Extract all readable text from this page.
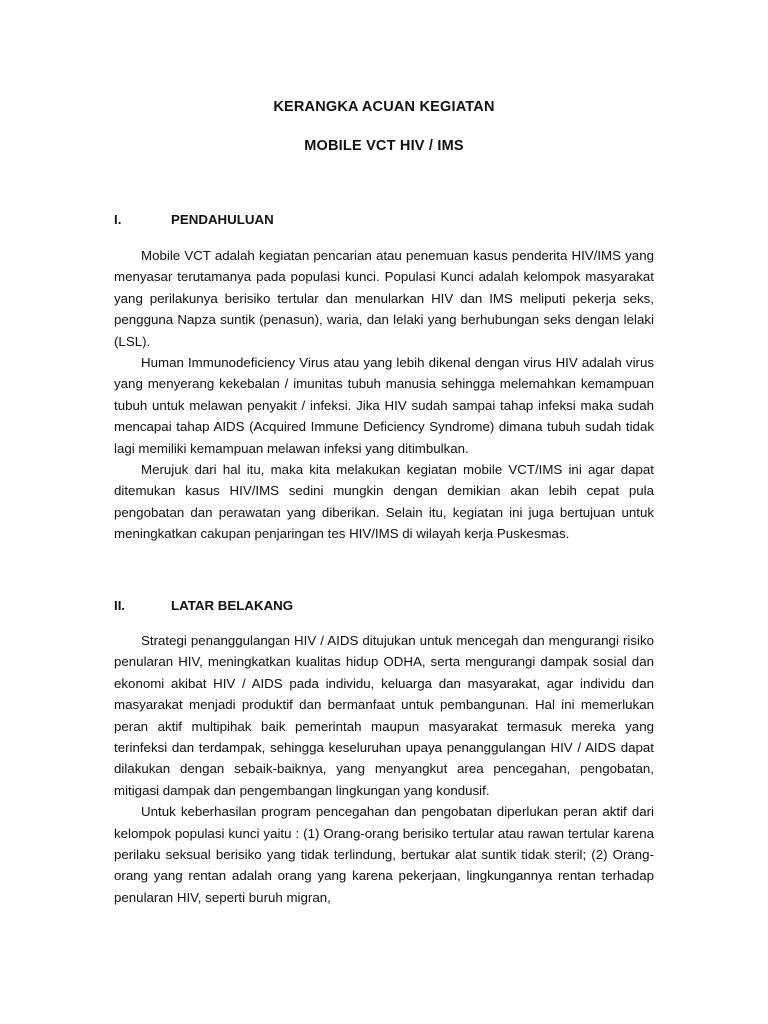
KERANGKA ACUAN KEGIATAN
MOBILE VCT HIV / IMS
I.	PENDAHULUAN

Mobile VCT adalah kegiatan pencarian atau penemuan kasus penderita HIV/IMS yang menyasar terutamanya pada populasi kunci. Populasi Kunci adalah kelompok masyarakat yang perilakunya berisiko tertular dan menularkan HIV dan IMS meliputi pekerja seks, pengguna Napza suntik (penasun), waria, dan lelaki yang berhubungan seks dengan lelaki (LSL).

Human Immunodeficiency Virus atau yang lebih dikenal dengan virus HIV adalah virus yang menyerang kekebalan / imunitas tubuh manusia sehingga melemahkan kemampuan tubuh untuk melawan penyakit / infeksi. Jika HIV sudah sampai tahap infeksi maka sudah mencapai tahap AIDS (Acquired Immune Deficiency Syndrome) dimana tubuh sudah tidak lagi memiliki kemampuan melawan infeksi yang ditimbulkan.

Merujuk dari hal itu, maka kita melakukan kegiatan mobile VCT/IMS ini agar dapat ditemukan kasus HIV/IMS sedini mungkin dengan demikian akan lebih cepat pula pengobatan dan perawatan yang diberikan. Selain itu, kegiatan ini juga bertujuan untuk meningkatkan cakupan penjaringan tes HIV/IMS di wilayah kerja Puskesmas.

II.	LATAR BELAKANG

Strategi penanggulangan HIV / AIDS ditujukan untuk mencegah dan mengurangi risiko penularan HIV, meningkatkan kualitas hidup ODHA, serta mengurangi dampak sosial dan ekonomi akibat HIV / AIDS pada individu, keluarga dan masyarakat, agar individu dan masyarakat menjadi produktif dan bermanfaat untuk pembangunan. Hal ini memerlukan peran aktif multipihak baik pemerintah maupun masyarakat termasuk mereka yang terinfeksi dan terdampak, sehingga keseluruhan upaya penanggulangan HIV / AIDS dapat dilakukan dengan sebaik-baiknya, yang menyangkut area pencegahan, pengobatan, mitigasi dampak dan pengembangan lingkungan yang kondusif.

Untuk keberhasilan program pencegahan dan pengobatan diperlukan peran aktif dari kelompok populasi kunci yaitu : (1) Orang-orang berisiko tertular atau rawan tertular karena perilaku seksual berisiko yang tidak terlindung, bertukar alat suntik tidak steril; (2) Orang-orang yang rentan adalah orang yang karena pekerjaan, lingkungannya rentan terhadap penularan HIV, seperti buruh migran,
